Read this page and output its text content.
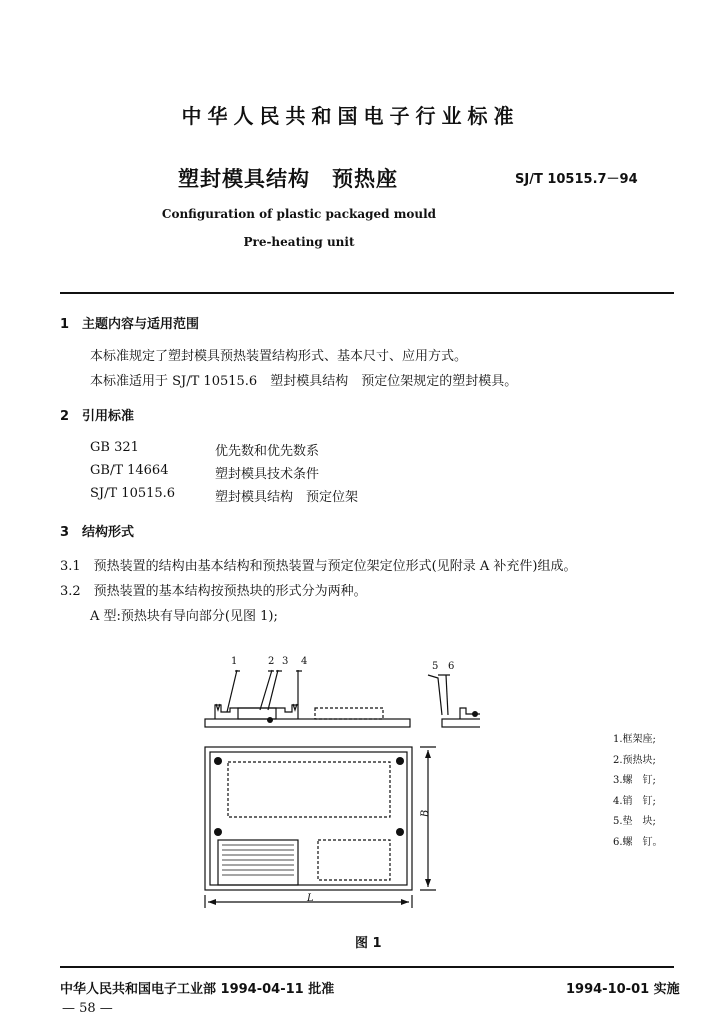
中华人民共和国电子行业标准
塑封模具结构　预热座	SJ/T 10515.7－94
Configuration of plastic packaged mould
Pre-heating unit
1　主题内容与适用范围
本标准规定了塑封模具预热装置结构形式、基本尺寸、应用方式。
本标准适用于 SJ/T 10515.6　塑封模具结构　预定位架规定的塑封模具。
2　引用标准
GB 321	优先数和优先数系
GB/T 14664	塑封模具技术条件
SJ/T 10515.6	塑封模具结构　预定位架
3　结构形式
3.1　预热装置的结构由基本结构和预热装置与预定位架定位形式(见附录 A 补充件)组成。
3.2　预热装置的基本结构按预热块的形式分为两种。
A 型:预热块有导向部分(见图 1);
1	2 3 4	5 6
B
L
1.框架座;
2.预热块;
3.螺　钉;
4.销　钉;
5.垫　块;
6.螺　钉。
图 1
中华人民共和国电子工业部 1994-04-11 批准	1994-10-01 实施
— 58 —
